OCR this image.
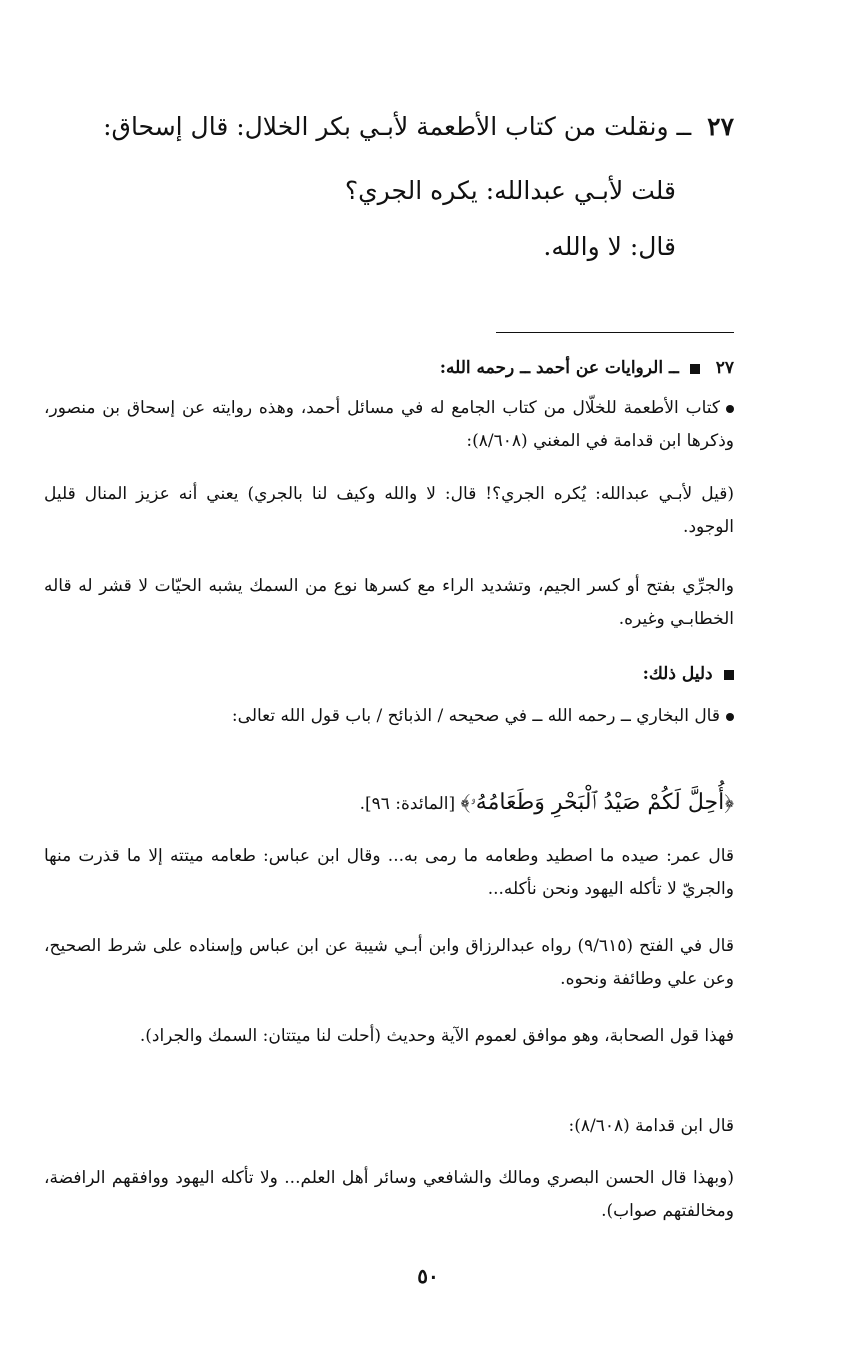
٢٧ ــ ونقلت من كتاب الأطعمة لأبـي بكر الخلال: قال إسحاق:
قلت لأبـي عبدالله: يكره الجري؟
قال: لا والله.
٢٧  ــ الروايات عن أحمد ــ رحمه الله:
كتاب الأطعمة للخلّال من كتاب الجامع له في مسائل أحمد، وهذه روايته عن إسحاق بن منصور، وذكرها ابن قدامة في المغني (٨/٦٠٨):
(قيل لأبـي عبدالله: يُكره الجري؟! قال: لا والله وكيف لنا بالجري) يعني أنه عزيز المنال قليل الوجود.
والجرِّي بفتح أو كسر الجيم، وتشديد الراء مع كسرها نوع من السمك يشبه الحيّات لا قشر له قاله الخطابـي وغيره.
دليل ذلك:
قال البخاري ــ رحمه الله ــ في صحيحه / الذبائح / باب قول الله تعالى:
﴿أُحِلَّ لَكُمْ صَيْدُ ٱلْبَحْرِ وَطَعَامُهُۥ﴾ [المائدة: ٩٦].
قال عمر: صيده ما اصطيد وطعامه ما رمى به... وقال ابن عباس: طعامه ميتته إلا ما قذرت منها والجريّ لا تأكله اليهود ونحن نأكله...
قال في الفتح (٩/٦١٥) رواه عبدالرزاق وابن أبـي شيبة عن ابن عباس وإسناده على شرط الصحيح، وعن علي وطائفة ونحوه.
فهذا قول الصحابة، وهو موافق لعموم الآية وحديث (أحلت لنا ميتتان: السمك والجراد).
قال ابن قدامة (٨/٦٠٨):
(وبهذا قال الحسن البصري ومالك والشافعي وسائر أهل العلم... ولا تأكله اليهود ووافقهم الرافضة، ومخالفتهم صواب).
٥٠
